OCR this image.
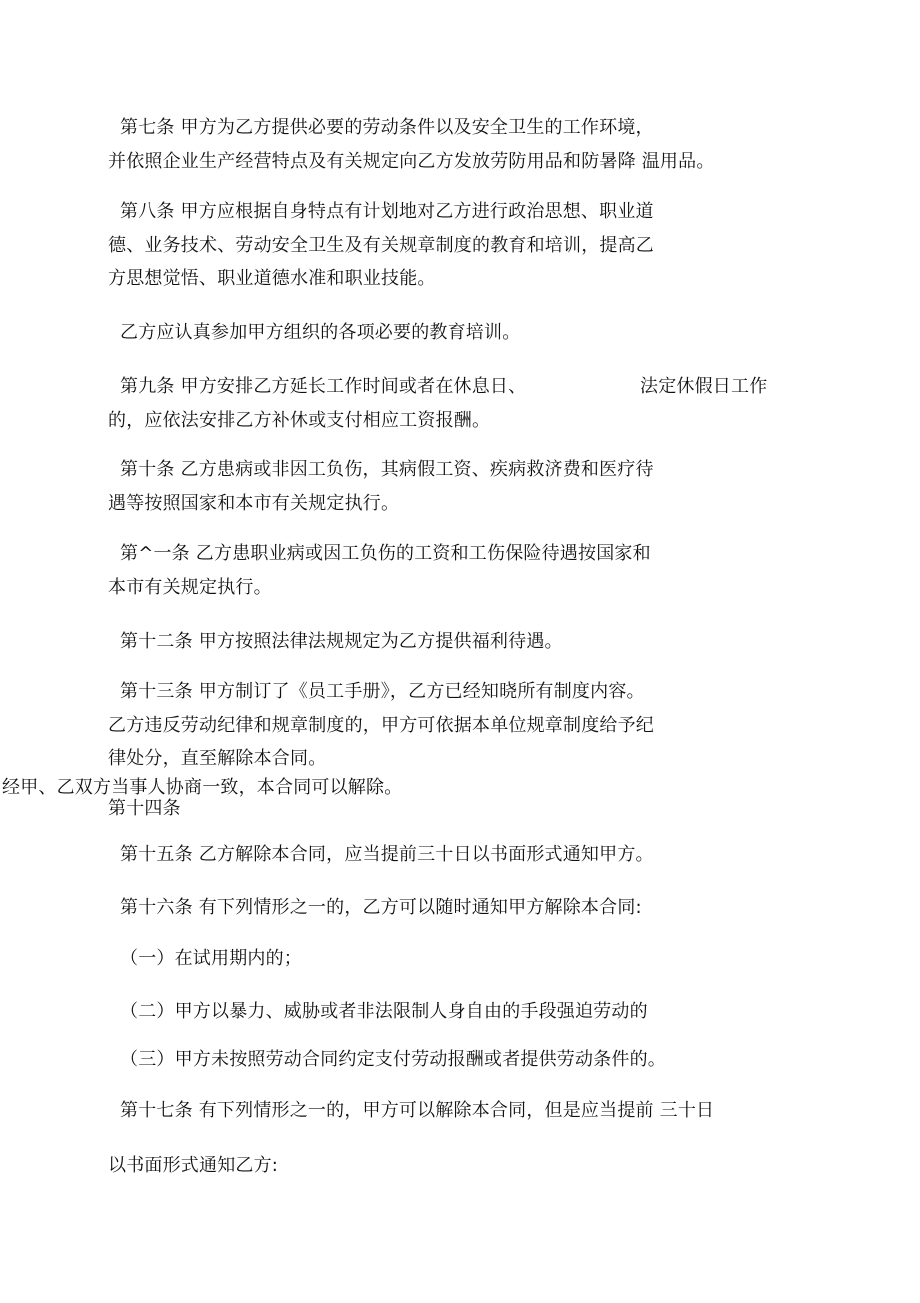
第七条 甲方为乙方提供必要的劳动条件以及安全卫生的工作环境，
并依照企业生产经营特点及有关规定向乙方发放劳防用品和防暑降 温用品。
第八条 甲方应根据自身特点有计划地对乙方进行政治思想、职业道
德、业务技术、劳动安全卫生及有关规章制度的教育和培训，提高乙
方思想觉悟、职业道德水准和职业技能。
乙方应认真参加甲方组织的各项必要的教育培训。
第九条 甲方安排乙方延长工作时间或者在休息日、	法定休假日工作
的，应依法安排乙方补休或支付相应工资报酬。
第十条 乙方患病或非因工负伤，其病假工资、疾病救济费和医疗待
遇等按照国家和本市有关规定执行。
第^一条 乙方患职业病或因工负伤的工资和工伤保险待遇按国家和
本市有关规定执行。
第十二条 甲方按照法律法规规定为乙方提供福利待遇。
第十三条 甲方制订了《员工手册》，乙方已经知晓所有制度内容。
乙方违反劳动纪律和规章制度的，甲方可依据本单位规章制度给予纪
律处分，直至解除本合同。
经甲、乙双方当事人协商一致，本合同可以解除。
第十四条
第十五条 乙方解除本合同，应当提前三十日以书面形式通知甲方。
第十六条 有下列情形之一的，乙方可以随时通知甲方解除本合同:
（一）在试用期内的；
（二）甲方以暴力、威胁或者非法限制人身自由的手段强迫劳动的
（三）甲方未按照劳动合同约定支付劳动报酬或者提供劳动条件的。
第十七条 有下列情形之一的，甲方可以解除本合同，但是应当提前 三十日
以书面形式通知乙方:
